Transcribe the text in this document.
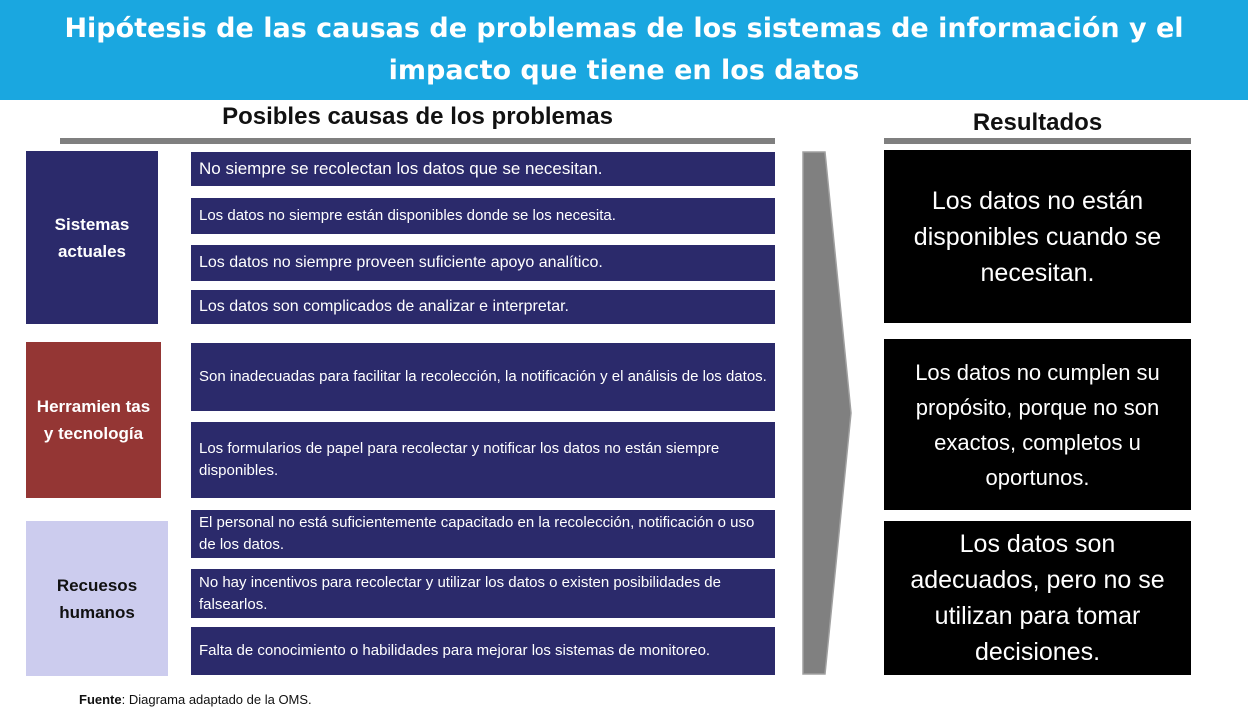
Hipótesis de las causas de problemas de los sistemas de información y el impacto que tiene en los datos
Posibles causas de los problemas	Resultados
Sistemas actuales
Herramien tas y tecnología
Recuesos humanos
No siempre se recolectan los datos que se necesitan.
Los datos no siempre están disponibles donde se los necesita.
Los datos no siempre proveen suficiente apoyo analítico.
Los datos son complicados de analizar e interpretar.
Son inadecuadas para facilitar la recolección, la notificación y el análisis de los datos.
Los formularios de papel para recolectar y notificar los datos no están siempre disponibles.
El personal no está suficientemente capacitado en la recolección, notificación o uso de los datos.
No hay incentivos para recolectar y utilizar los datos o existen posibilidades de falsearlos.
Falta de conocimiento o habilidades para mejorar los sistemas de monitoreo.
Los datos no están disponibles cuando se necesitan.
Los datos no cumplen su propósito, porque no son exactos, completos u oportunos.
Los datos son adecuados, pero no se utilizan para tomar decisiones.
Fuente: Diagrama adaptado de la OMS.
